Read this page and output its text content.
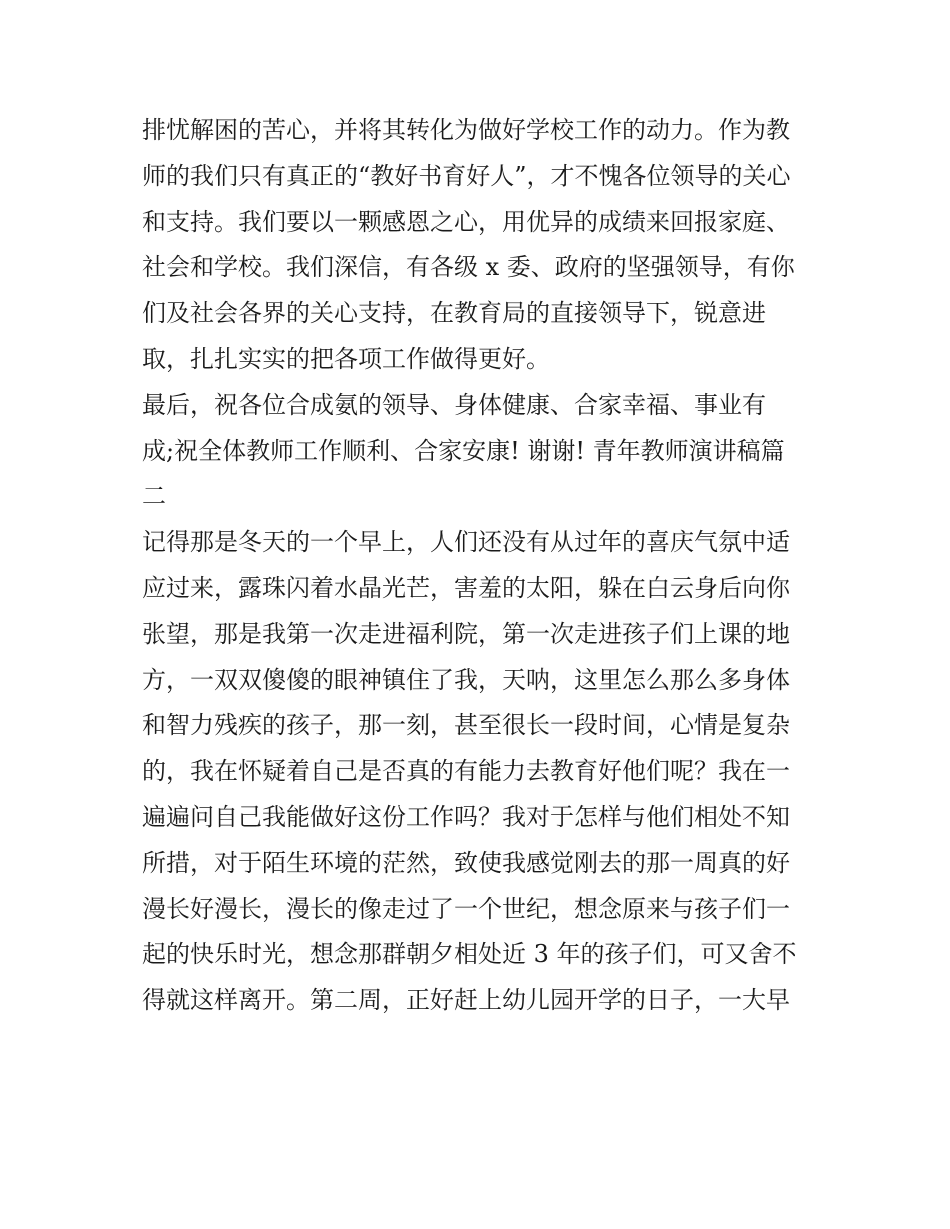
排忧解困的苦心，并将其转化为做好学校工作的动力。作为教
师的我们只有真正的“教好书育好人”，才不愧各位领导的关心
和支持。我们要以一颗感恩之心，用优异的成绩来回报家庭、
社会和学校。我们深信，有各级 x 委、政府的坚强领导，有你
们及社会各界的关心支持，在教育局的直接领导下，锐意进
取，扎扎实实的把各项工作做得更好。
最后，祝各位合成氨的领导、身体健康、合家幸福、事业有
成;祝全体教师工作顺利、合家安康! 谢谢! 青年教师演讲稿篇
二
记得那是冬天的一个早上，人们还没有从过年的喜庆气氛中适
应过来，露珠闪着水晶光芒，害羞的太阳，躲在白云身后向你
张望，那是我第一次走进福利院，第一次走进孩子们上课的地
方，一双双傻傻的眼神镇住了我，天呐，这里怎么那么多身体
和智力残疾的孩子，那一刻，甚至很长一段时间，心情是复杂
的，我在怀疑着自己是否真的有能力去教育好他们呢？我在一
遍遍问自己我能做好这份工作吗？我对于怎样与他们相处不知
所措，对于陌生环境的茫然，致使我感觉刚去的那一周真的好
漫长好漫长，漫长的像走过了一个世纪，想念原来与孩子们一
起的快乐时光，想念那群朝夕相处近 3 年的孩子们，可又舍不
得就这样离开。第二周，正好赶上幼儿园开学的日子，一大早
